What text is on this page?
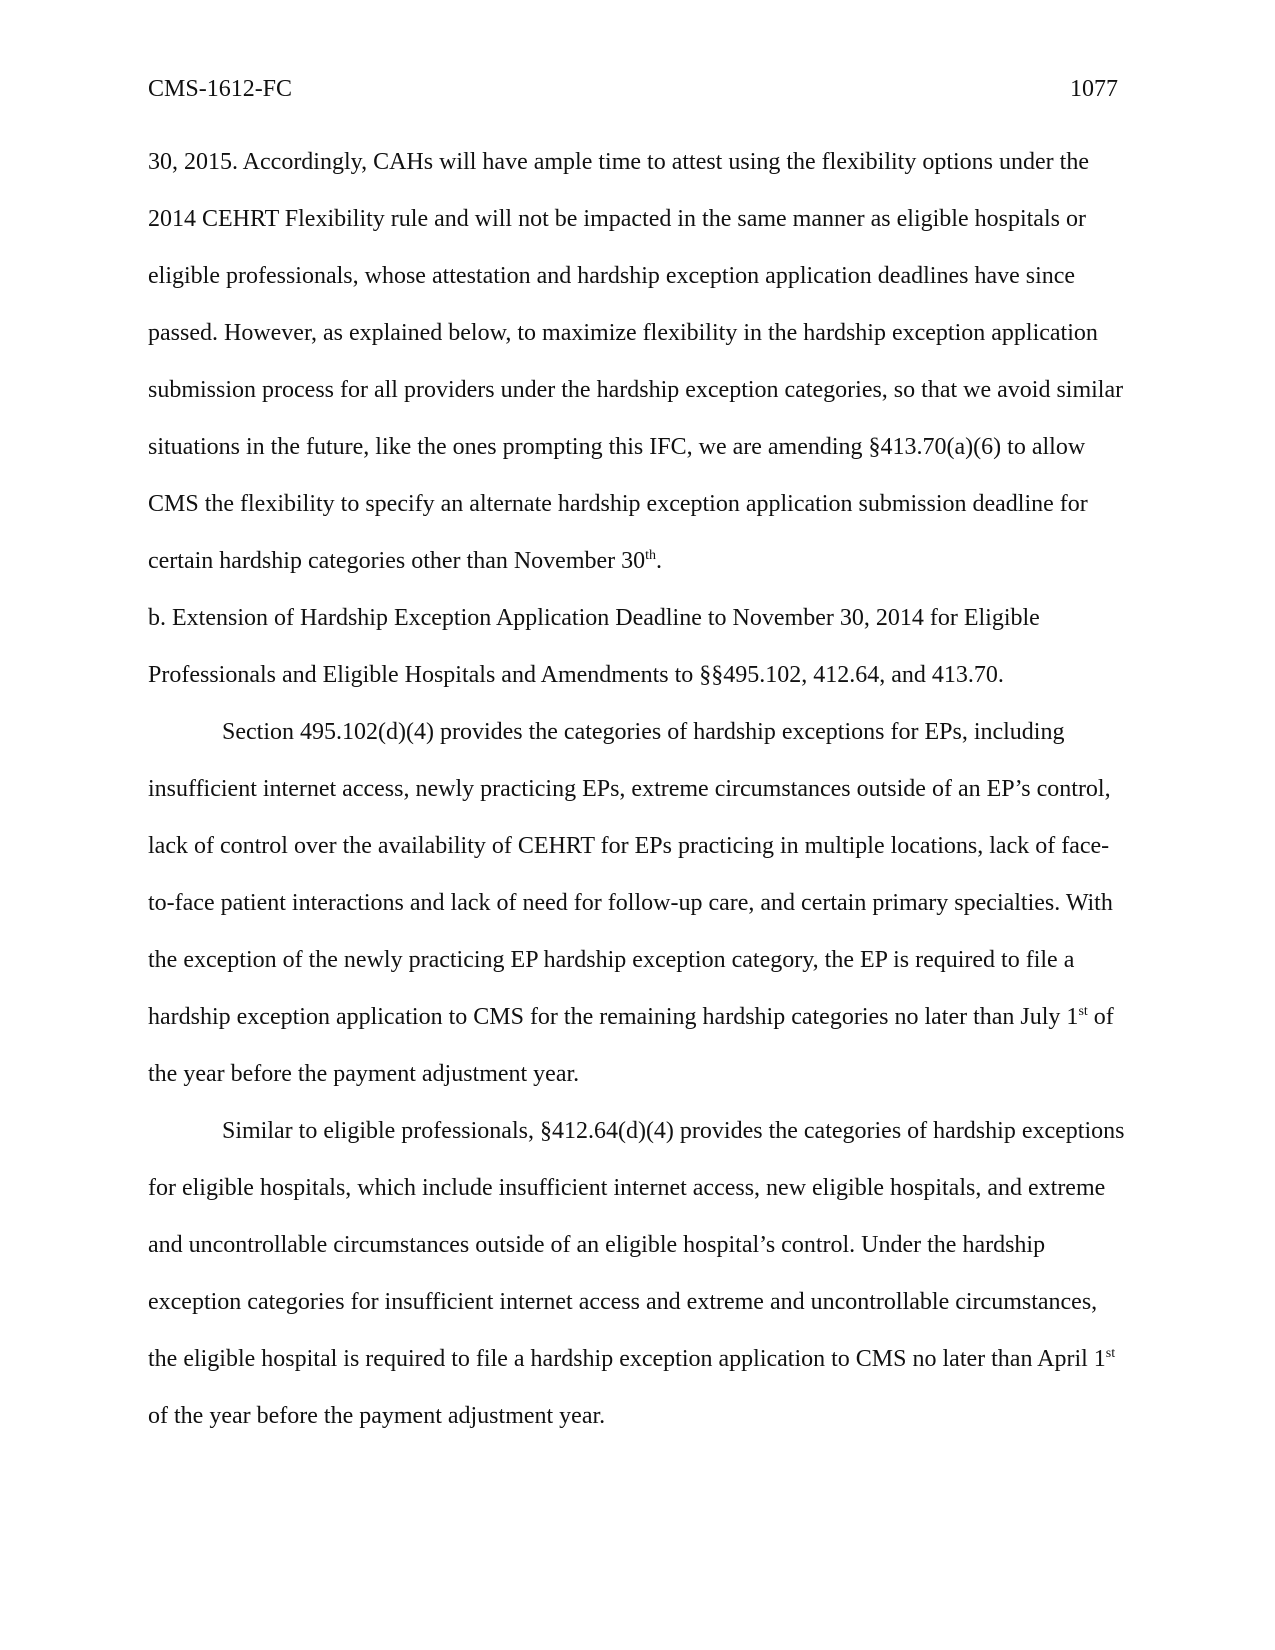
CMS-1612-FC	1077

30, 2015. Accordingly, CAHs will have ample time to attest using the flexibility options under the 2014 CEHRT Flexibility rule and will not be impacted in the same manner as eligible hospitals or eligible professionals, whose attestation and hardship exception application deadlines have since passed. However, as explained below, to maximize flexibility in the hardship exception application submission process for all providers under the hardship exception categories, so that we avoid similar situations in the future, like the ones prompting this IFC, we are amending §413.70(a)(6) to allow CMS the flexibility to specify an alternate hardship exception application submission deadline for certain hardship categories other than November 30th.

b. Extension of Hardship Exception Application Deadline to November 30, 2014 for Eligible Professionals and Eligible Hospitals and Amendments to §§495.102, 412.64, and 413.70.

Section 495.102(d)(4) provides the categories of hardship exceptions for EPs, including insufficient internet access, newly practicing EPs, extreme circumstances outside of an EP’s control, lack of control over the availability of CEHRT for EPs practicing in multiple locations, lack of face-to-face patient interactions and lack of need for follow-up care, and certain primary specialties. With the exception of the newly practicing EP hardship exception category, the EP is required to file a hardship exception application to CMS for the remaining hardship categories no later than July 1st of the year before the payment adjustment year.

Similar to eligible professionals, §412.64(d)(4) provides the categories of hardship exceptions for eligible hospitals, which include insufficient internet access, new eligible hospitals, and extreme and uncontrollable circumstances outside of an eligible hospital’s control. Under the hardship exception categories for insufficient internet access and extreme and uncontrollable circumstances, the eligible hospital is required to file a hardship exception application to CMS no later than April 1st of the year before the payment adjustment year.
